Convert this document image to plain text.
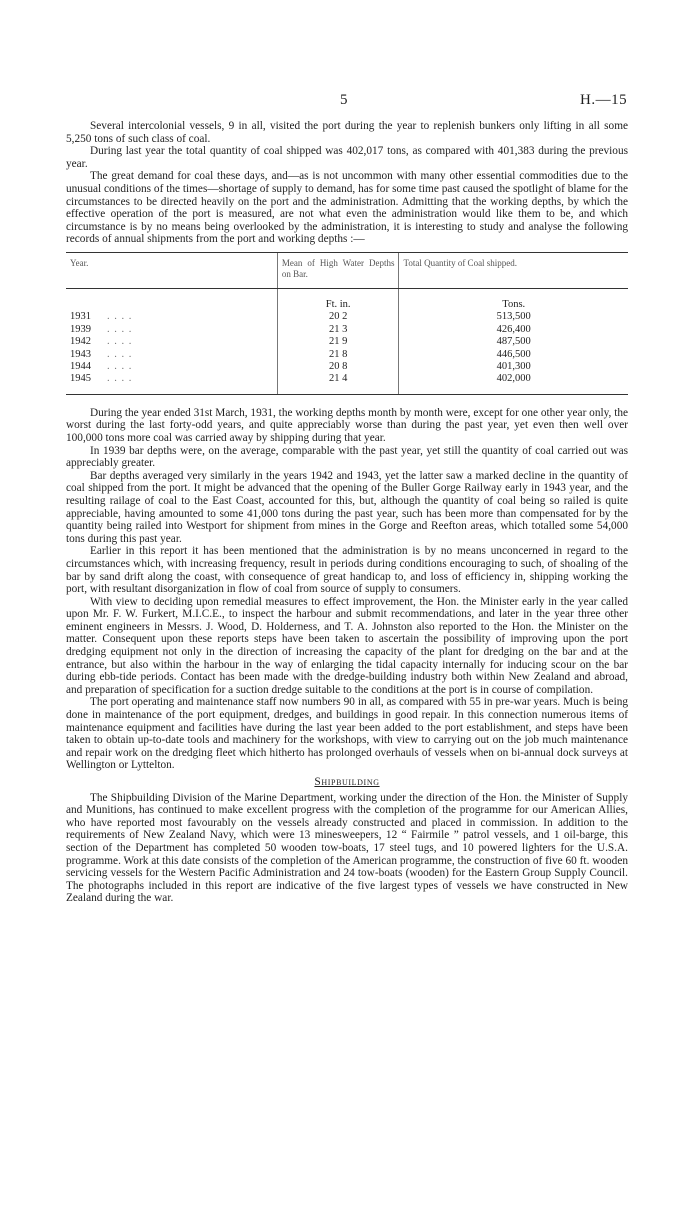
5	H.—15

Several intercolonial vessels, 9 in all, visited the port during the year to replenish bunkers only lifting in all some 5,250 tons of such class of coal.

During last year the total quantity of coal shipped was 402,017 tons, as compared with 401,383 during the previous year.

The great demand for coal these days, and—as is not uncommon with many other essential commodities due to the unusual conditions of the times—shortage of supply to demand, has for some time past caused the spotlight of blame for the circumstances to be directed heavily on the port and the administration. Admitting that the working depths, by which the effective operation of the port is measured, are not what even the administration would like them to be, and which circumstance is by no means being overlooked by the administration, it is interesting to study and analyse the following records of annual shipments from the port and working depths :—

Year.	Mean of High Water Depths on Bar.	Total Quantity of Coal shipped.
	Ft. in.	Tons.
1931 . . . .	20 2	513,500
1939 . . . .	21 3	426,400
1942 . . . .	21 9	487,500
1943 . . . .	21 8	446,500
1944 . . . .	20 8	401,300
1945 . . . .	21 4	402,000

During the year ended 31st March, 1931, the working depths month by month were, except for one other year only, the worst during the last forty-odd years, and quite appreciably worse than during the past year, yet even then well over 100,000 tons more coal was carried away by shipping during that year.

In 1939 bar depths were, on the average, comparable with the past year, yet still the quantity of coal carried out was appreciably greater.

Bar depths averaged very similarly in the years 1942 and 1943, yet the latter saw a marked decline in the quantity of coal shipped from the port. It might be advanced that the opening of the Buller Gorge Railway early in 1943 year, and the resulting railage of coal to the East Coast, accounted for this, but, although the quantity of coal being so railed is quite appreciable, having amounted to some 41,000 tons during the past year, such has been more than compensated for by the quantity being railed into Westport for shipment from mines in the Gorge and Reefton areas, which totalled some 54,000 tons during this past year.

Earlier in this report it has been mentioned that the administration is by no means unconcerned in regard to the circumstances which, with increasing frequency, result in periods during conditions encouraging to such, of shoaling of the bar by sand drift along the coast, with consequence of great handicap to, and loss of efficiency in, shipping working the port, with resultant disorganization in flow of coal from source of supply to consumers.

With view to deciding upon remedial measures to effect improvement, the Hon. the Minister early in the year called upon Mr. F. W. Furkert, M.I.C.E., to inspect the harbour and submit recommendations, and later in the year three other eminent engineers in Messrs. J. Wood, D. Holderness, and T. A. Johnston also reported to the Hon. the Minister on the matter. Consequent upon these reports steps have been taken to ascertain the possibility of improving upon the port dredging equipment not only in the direction of increasing the capacity of the plant for dredging on the bar and at the entrance, but also within the harbour in the way of enlarging the tidal capacity internally for inducing scour on the bar during ebb-tide periods. Contact has been made with the dredge-building industry both within New Zealand and abroad, and preparation of specification for a suction dredge suitable to the conditions at the port is in course of compilation.

The port operating and maintenance staff now numbers 90 in all, as compared with 55 in pre-war years. Much is being done in maintenance of the port equipment, dredges, and buildings in good repair. In this connection numerous items of maintenance equipment and facilities have during the last year been added to the port establishment, and steps have been taken to obtain up-to-date tools and machinery for the workshops, with view to carrying out on the job much maintenance and repair work on the dredging fleet which hitherto has prolonged overhauls of vessels when on bi-annual dock surveys at Wellington or Lyttelton.

Shipbuilding

The Shipbuilding Division of the Marine Department, working under the direction of the Hon. the Minister of Supply and Munitions, has continued to make excellent progress with the completion of the programme for our American Allies, who have reported most favourably on the vessels already constructed and placed in commission. In addition to the requirements of New Zealand Navy, which were 13 minesweepers, 12 “ Fairmile ” patrol vessels, and 1 oil-barge, this section of the Department has completed 50 wooden tow-boats, 17 steel tugs, and 10 powered lighters for the U.S.A. programme. Work at this date consists of the completion of the American programme, the construction of five 60 ft. wooden servicing vessels for the Western Pacific Administration and 24 tow-boats (wooden) for the Eastern Group Supply Council. The photographs included in this report are indicative of the five largest types of vessels we have constructed in New Zealand during the war.
